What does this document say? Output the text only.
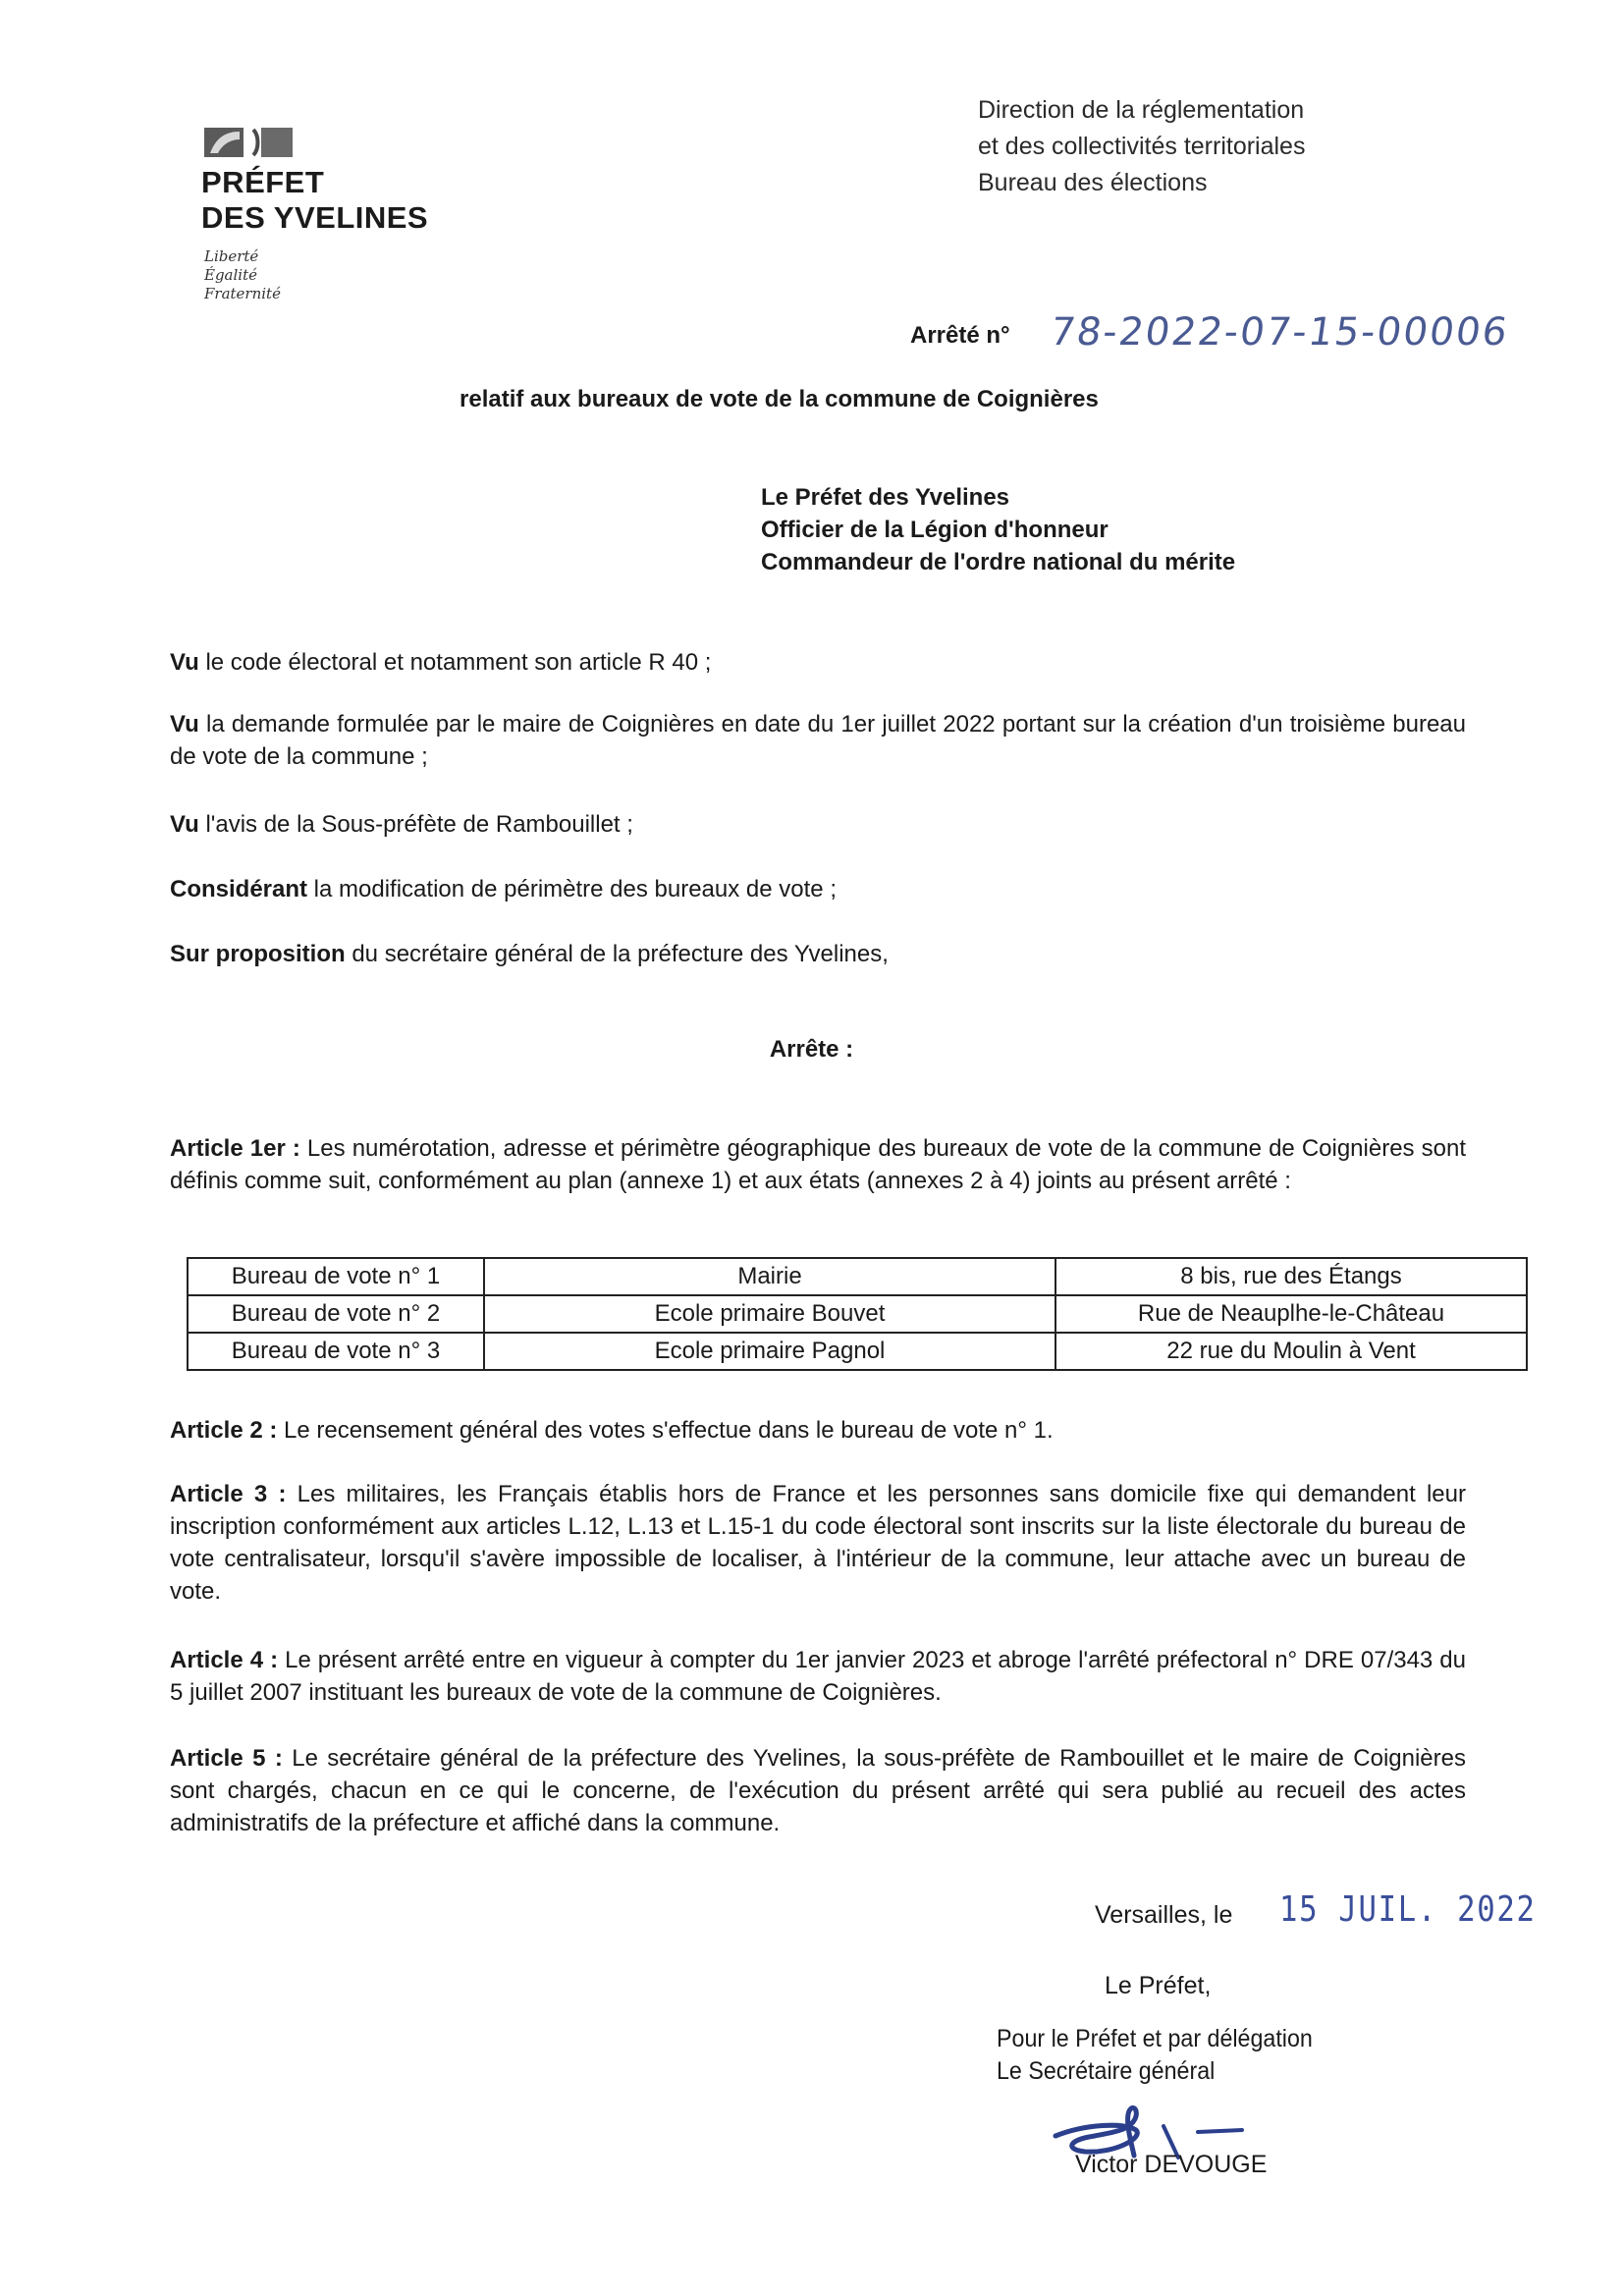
PRÉFET
DES YVELINES
Liberté
Égalité
Fraternité
Direction de la réglementation
et des collectivités territoriales
Bureau des élections
Arrêté n° 78-2022-07-15-00006
relatif aux bureaux de vote de la commune de Coignières
Le Préfet des Yvelines
Officier de la Légion d'honneur
Commandeur de l'ordre national du mérite
Vu le code électoral et notamment son article R 40 ;
Vu la demande formulée par le maire de Coignières en date du 1er juillet 2022 portant sur la création d'un troisième bureau de vote de la commune ;
Vu l'avis de la Sous-préfète de Rambouillet ;
Considérant la modification de périmètre des bureaux de vote ;
Sur proposition du secrétaire général de la préfecture des Yvelines,
Arrête :
Article 1er : Les numérotation, adresse et périmètre géographique des bureaux de vote de la commune de Coignières sont définis comme suit, conformément au plan (annexe 1) et aux états (annexes 2 à 4) joints au présent arrêté :
Bureau de vote n° 1	Mairie	8 bis, rue des Étangs
Bureau de vote n° 2	Ecole primaire Bouvet	Rue de Neauplhe-le-Château
Bureau de vote n° 3	Ecole primaire Pagnol	22 rue du Moulin à Vent
Article 2 : Le recensement général des votes s'effectue dans le bureau de vote n° 1.
Article 3 : Les militaires, les Français établis hors de France et les personnes sans domicile fixe qui demandent leur inscription conformément aux articles L.12, L.13 et L.15-1 du code électoral sont inscrits sur la liste électorale du bureau de vote centralisateur, lorsqu'il s'avère impossible de localiser, à l'intérieur de la commune, leur attache avec un bureau de vote.
Article 4 : Le présent arrêté entre en vigueur à compter du 1er janvier 2023 et abroge l'arrêté préfectoral n° DRE 07/343 du 5 juillet 2007 instituant les bureaux de vote de la commune de Coignières.
Article 5 : Le secrétaire général de la préfecture des Yvelines, la sous-préfète de Rambouillet et le maire de Coignières sont chargés, chacun en ce qui le concerne, de l'exécution du présent arrêté qui sera publié au recueil des actes administratifs de la préfecture et affiché dans la commune.
Versailles, le 15 JUIL. 2022
Le Préfet,
Pour le Préfet et par délégation
Le Secrétaire général
Victor DEVOUGE
